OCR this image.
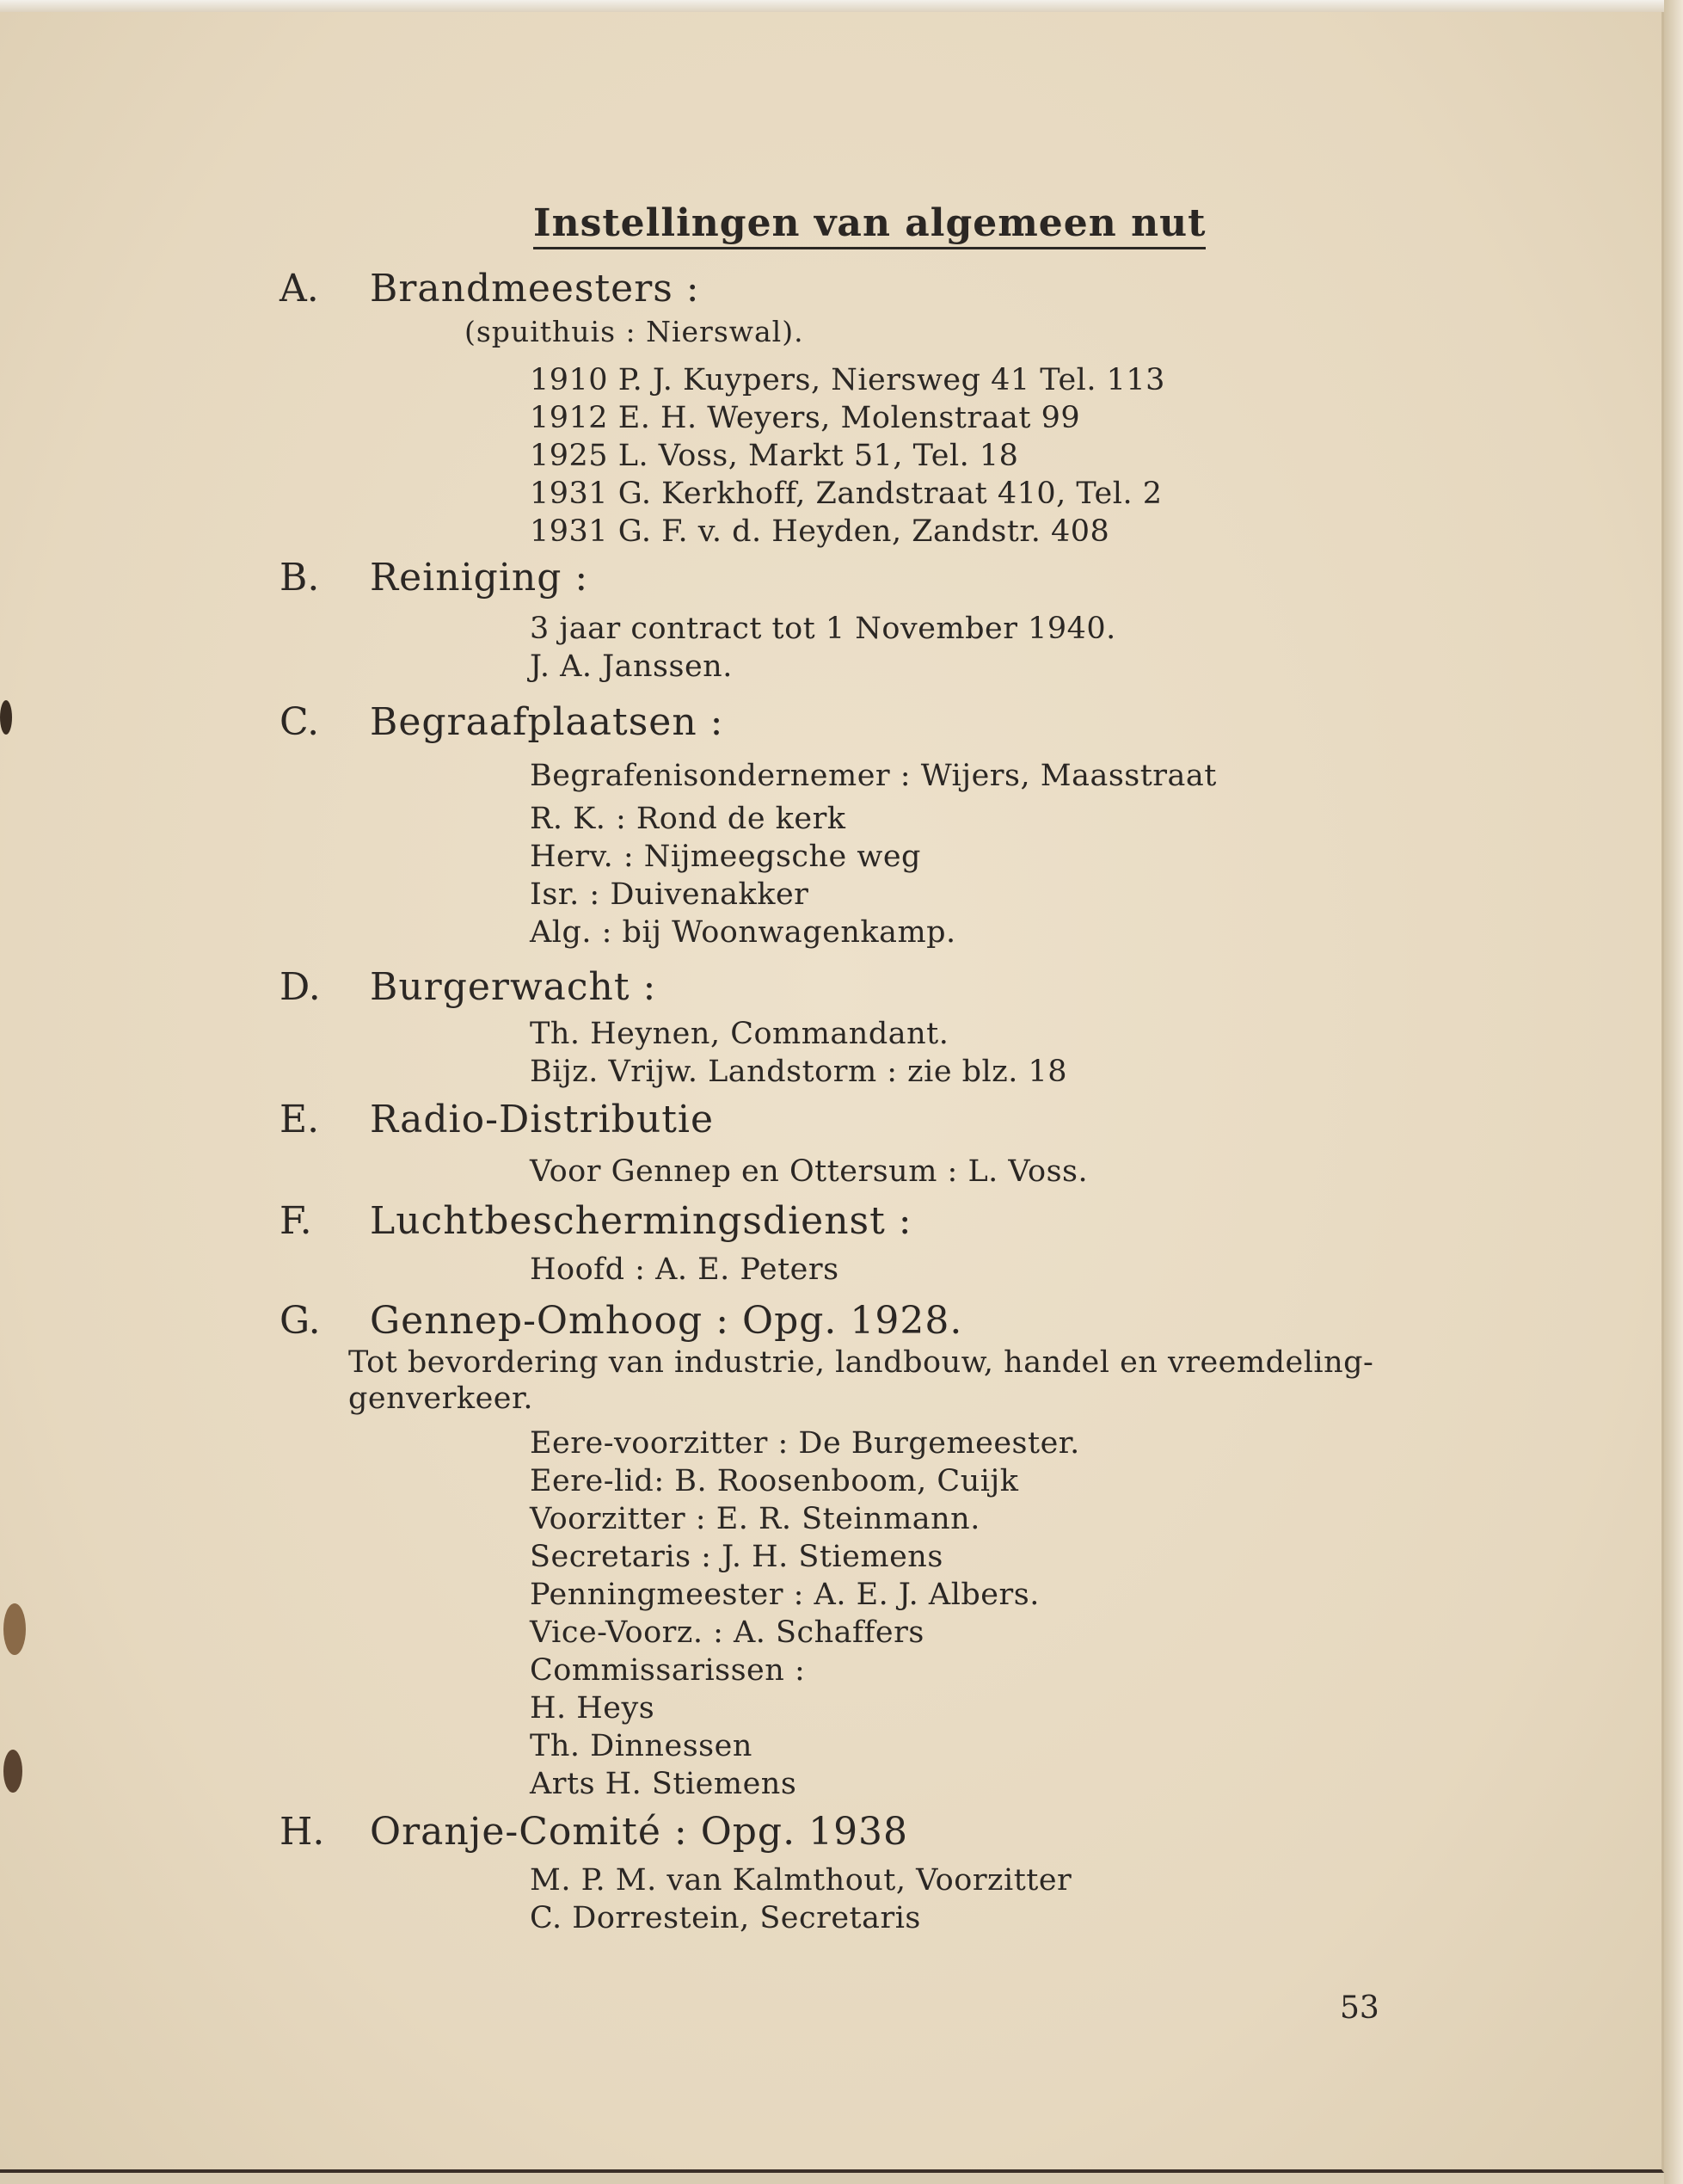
Instellingen van algemeen nut
A. Brandmeesters :
(spuithuis : Nierswal).
1910 P. J. Kuypers, Niersweg 41 Tel. 113
1912 E. H. Weyers, Molenstraat 99
1925 L. Voss, Markt 51, Tel. 18
1931 G. Kerkhoff, Zandstraat 410, Tel. 2
1931 G. F. v. d. Heyden, Zandstr. 408
B. Reiniging :
3 jaar contract tot 1 November 1940.
J. A. Janssen.
C. Begraafplaatsen :
Begrafenisondernemer : Wijers, Maasstraat
R. K. : Rond de kerk
Herv. : Nijmeegsche weg
Isr. : Duivenakker
Alg. : bij Woonwagenkamp.
D. Burgerwacht :
Th. Heynen, Commandant.
Bijz. Vrijw. Landstorm : zie blz. 18
E. Radio-Distributie
Voor Gennep en Ottersum : L. Voss.
F. Luchtbeschermingsdienst :
Hoofd : A. E. Peters
G. Gennep-Omhoog : Opg. 1928.
Tot bevordering van industrie, landbouw, handel en vreemdeling-
genverkeer.
Eere-voorzitter : De Burgemeester.
Eere-lid: B. Roosenboom, Cuijk
Voorzitter : E. R. Steinmann.
Secretaris : J. H. Stiemens
Penningmeester : A. E. J. Albers.
Vice-Voorz. : A. Schaffers
Commissarissen :
H. Heys
Th. Dinnessen
Arts H. Stiemens
H. Oranje-Comité : Opg. 1938
M. P. M. van Kalmthout, Voorzitter
C. Dorrestein, Secretaris
53
